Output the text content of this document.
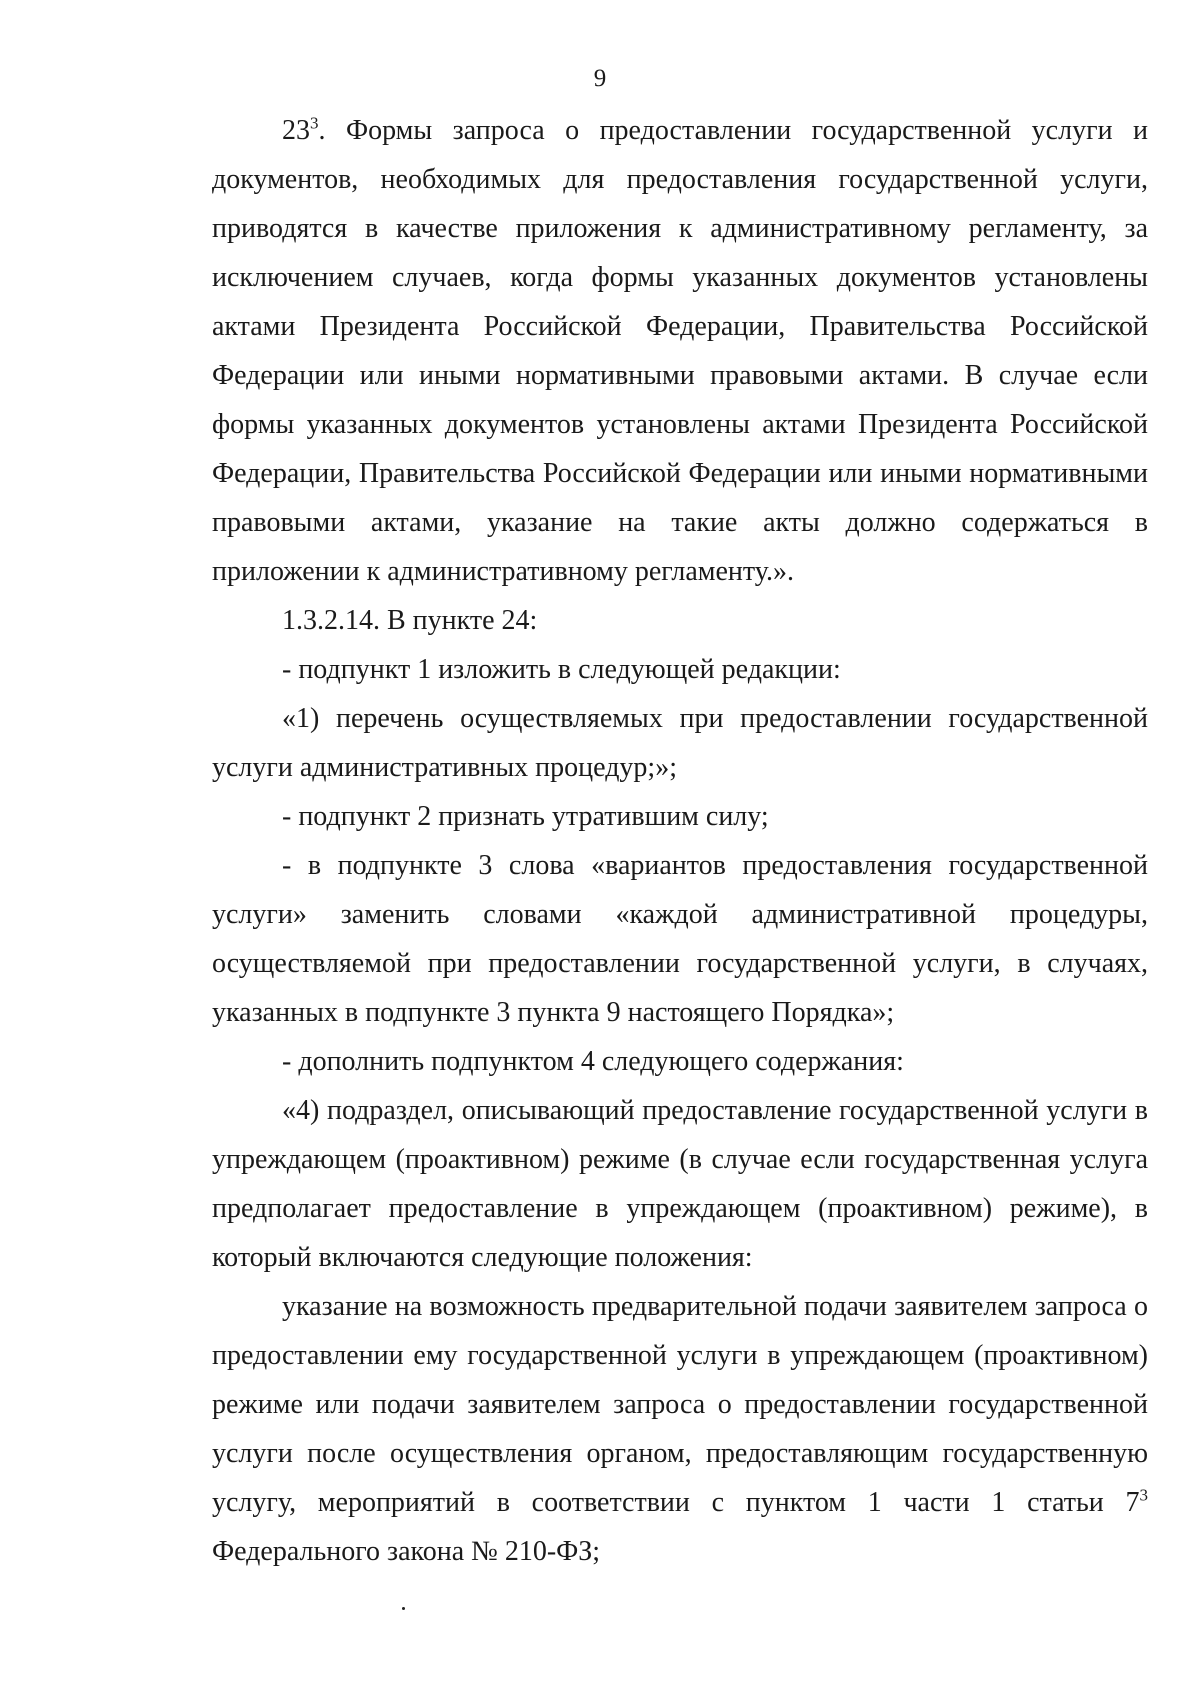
9

$23^3$. Формы запроса о предоставлении государственной услуги и документов, необходимых для предоставления государственной услуги, приводятся в качестве приложения к административному регламенту, за исключением случаев, когда формы указанных документов установлены актами Президента Российской Федерации, Правительства Российской Федерации или иными нормативными правовыми актами. В случае если формы указанных документов установлены актами Президента Российской Федерации, Правительства Российской Федерации или иными нормативными правовыми актами, указание на такие акты должно содержаться в приложении к административному регламенту.».

1.3.2.14. В пункте 24:

- подпункт 1 изложить в следующей редакции:

«1) перечень осуществляемых при предоставлении государственной услуги административных процедур;»;

- подпункт 2 признать утратившим силу;

- в подпункте 3 слова «вариантов предоставления государственной услуги» заменить словами «каждой административной процедуры, осуществляемой при предоставлении государственной услуги, в случаях, указанных в подпункте 3 пункта 9 настоящего Порядка»;

- дополнить подпунктом 4 следующего содержания:

«4) подраздел, описывающий предоставление государственной услуги в упреждающем (проактивном) режиме (в случае если государственная услуга предполагает предоставление в упреждающем (проактивном) режиме), в который включаются следующие положения:

указание на возможность предварительной подачи заявителем запроса о предоставлении ему государственной услуги в упреждающем (проактивном) режиме или подачи заявителем запроса о предоставлении государственной услуги после осуществления органом, предоставляющим государственную услугу, мероприятий в соответствии с пунктом 1 части 1 статьи $7^3$ Федерального закона № 210-ФЗ;
